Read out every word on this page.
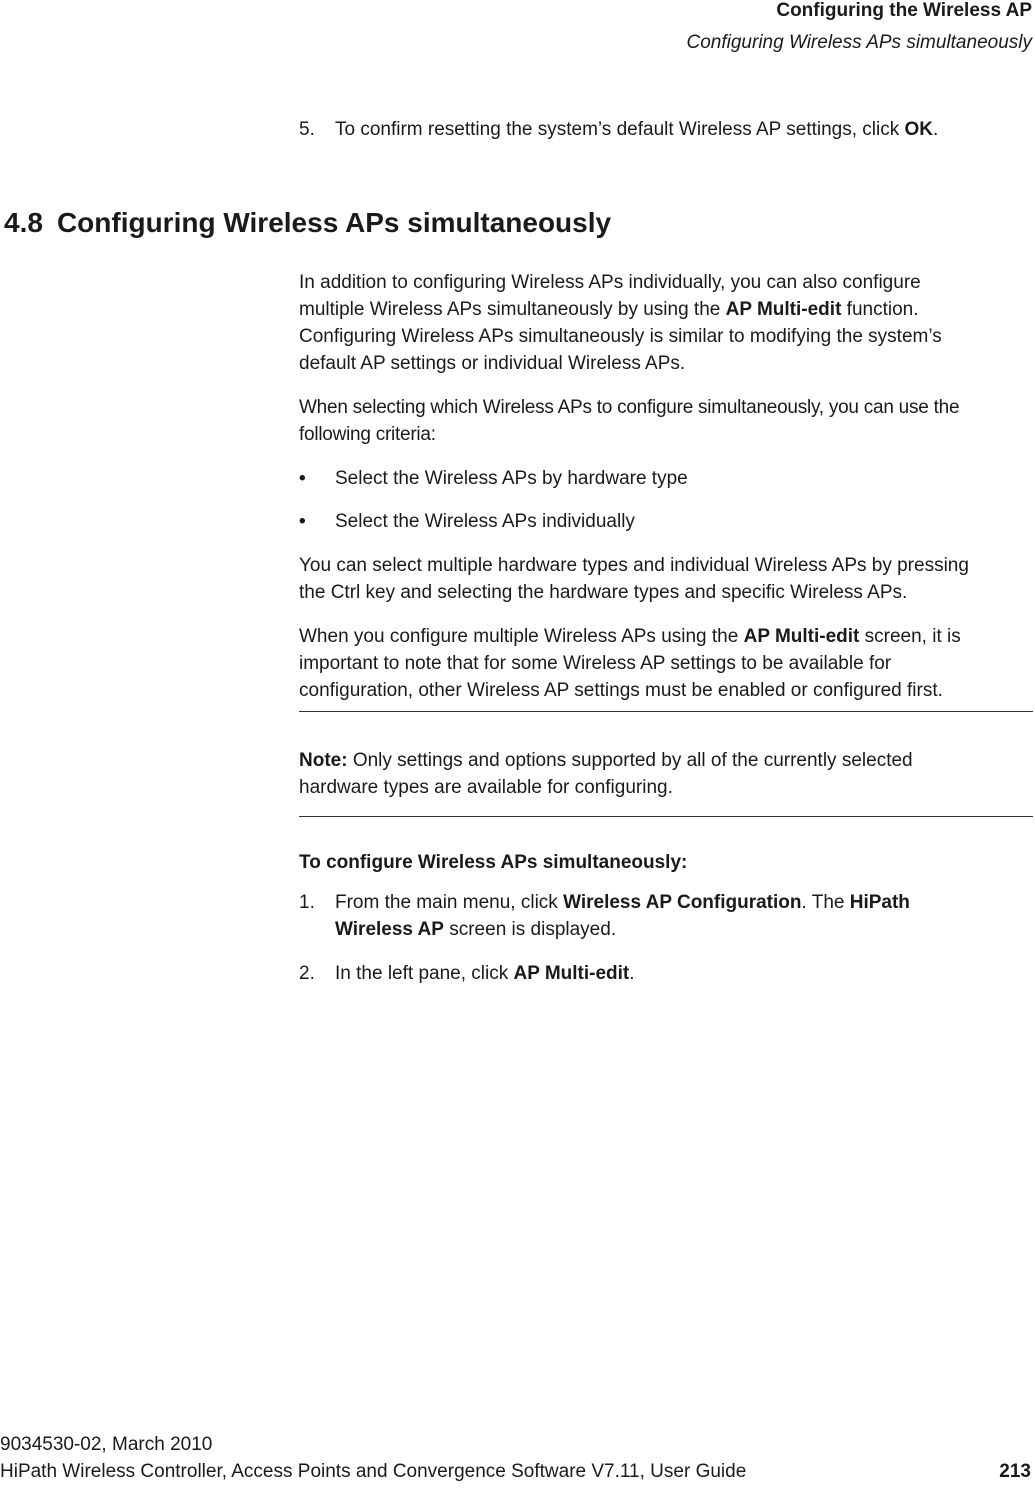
Configuring the Wireless AP
Configuring Wireless APs simultaneously
5. To confirm resetting the system’s default Wireless AP settings, click OK.
4.8 Configuring Wireless APs simultaneously
In addition to configuring Wireless APs individually, you can also configure
multiple Wireless APs simultaneously by using the AP Multi-edit function.
Configuring Wireless APs simultaneously is similar to modifying the system’s
default AP settings or individual Wireless APs.
When selecting which Wireless APs to configure simultaneously, you can use the
following criteria:
• Select the Wireless APs by hardware type
• Select the Wireless APs individually
You can select multiple hardware types and individual Wireless APs by pressing
the Ctrl key and selecting the hardware types and specific Wireless APs.
When you configure multiple Wireless APs using the AP Multi-edit screen, it is
important to note that for some Wireless AP settings to be available for
configuration, other Wireless AP settings must be enabled or configured first.
Note: Only settings and options supported by all of the currently selected
hardware types are available for configuring.
To configure Wireless APs simultaneously:
1. From the main menu, click Wireless AP Configuration. The HiPath
Wireless AP screen is displayed.
2. In the left pane, click AP Multi-edit.
9034530-02, March 2010
HiPath Wireless Controller, Access Points and Convergence Software V7.11, User Guide	213
